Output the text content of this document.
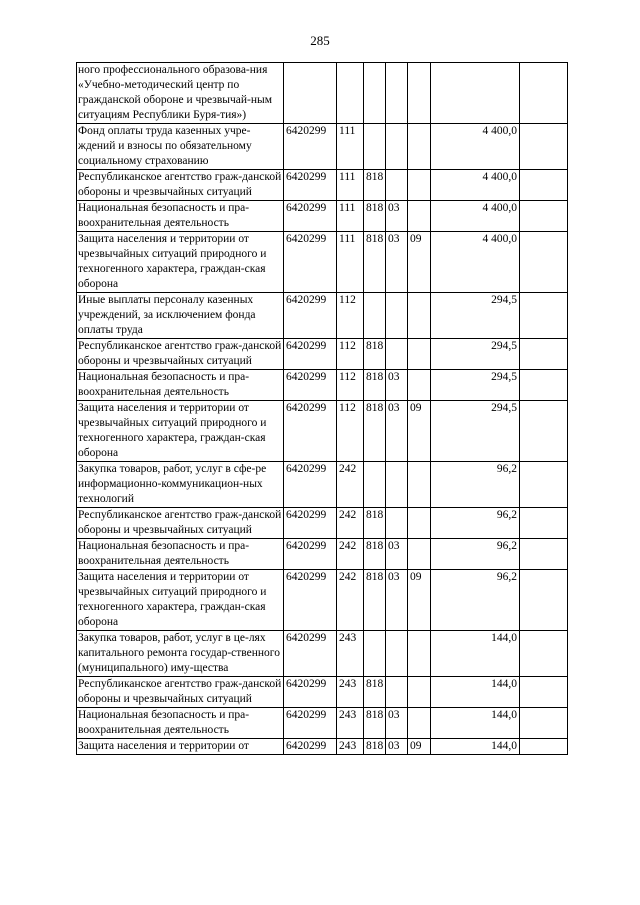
285
ного профессионального образова-ния «Учебно-методический центр по гражданской обороне и чрезвычай-ным ситуациям Республики Буря-тия»)							
Фонд оплаты труда казенных учре-ждений и взносы по обязательному социальному страхованию	6420299	111				4 400,0	
Республиканское агентство граж-данской обороны и чрезвычайных ситуаций	6420299	111	818			4 400,0	
Национальная безопасность и пра-воохранительная деятельность	6420299	111	818	03		4 400,0	
Защита населения и территории от чрезвычайных ситуаций природного и техногенного характера, граждан-ская оборона	6420299	111	818	03	09	4 400,0	
Иные выплаты персоналу казенных учреждений, за исключением фонда оплаты труда	6420299	112				294,5	
Республиканское агентство граж-данской обороны и чрезвычайных ситуаций	6420299	112	818			294,5	
Национальная безопасность и пра-воохранительная деятельность	6420299	112	818	03		294,5	
Защита населения и территории от чрезвычайных ситуаций природного и техногенного характера, граждан-ская оборона	6420299	112	818	03	09	294,5	
Закупка товаров, работ, услуг в сфе-ре информационно-коммуникацион-ных технологий	6420299	242				96,2	
Республиканское агентство граж-данской обороны и чрезвычайных ситуаций	6420299	242	818			96,2	
Национальная безопасность и пра-воохранительная деятельность	6420299	242	818	03		96,2	
Защита населения и территории от чрезвычайных ситуаций природного и техногенного характера, граждан-ская оборона	6420299	242	818	03	09	96,2	
Закупка товаров, работ, услуг в це-лях капитального ремонта государ-ственного (муниципального) иму-щества	6420299	243				144,0	
Республиканское агентство граж-данской обороны и чрезвычайных ситуаций	6420299	243	818			144,0	
Национальная безопасность и пра-воохранительная деятельность	6420299	243	818	03		144,0	
Защита населения и территории от	6420299	243	818	03	09	144,0	
